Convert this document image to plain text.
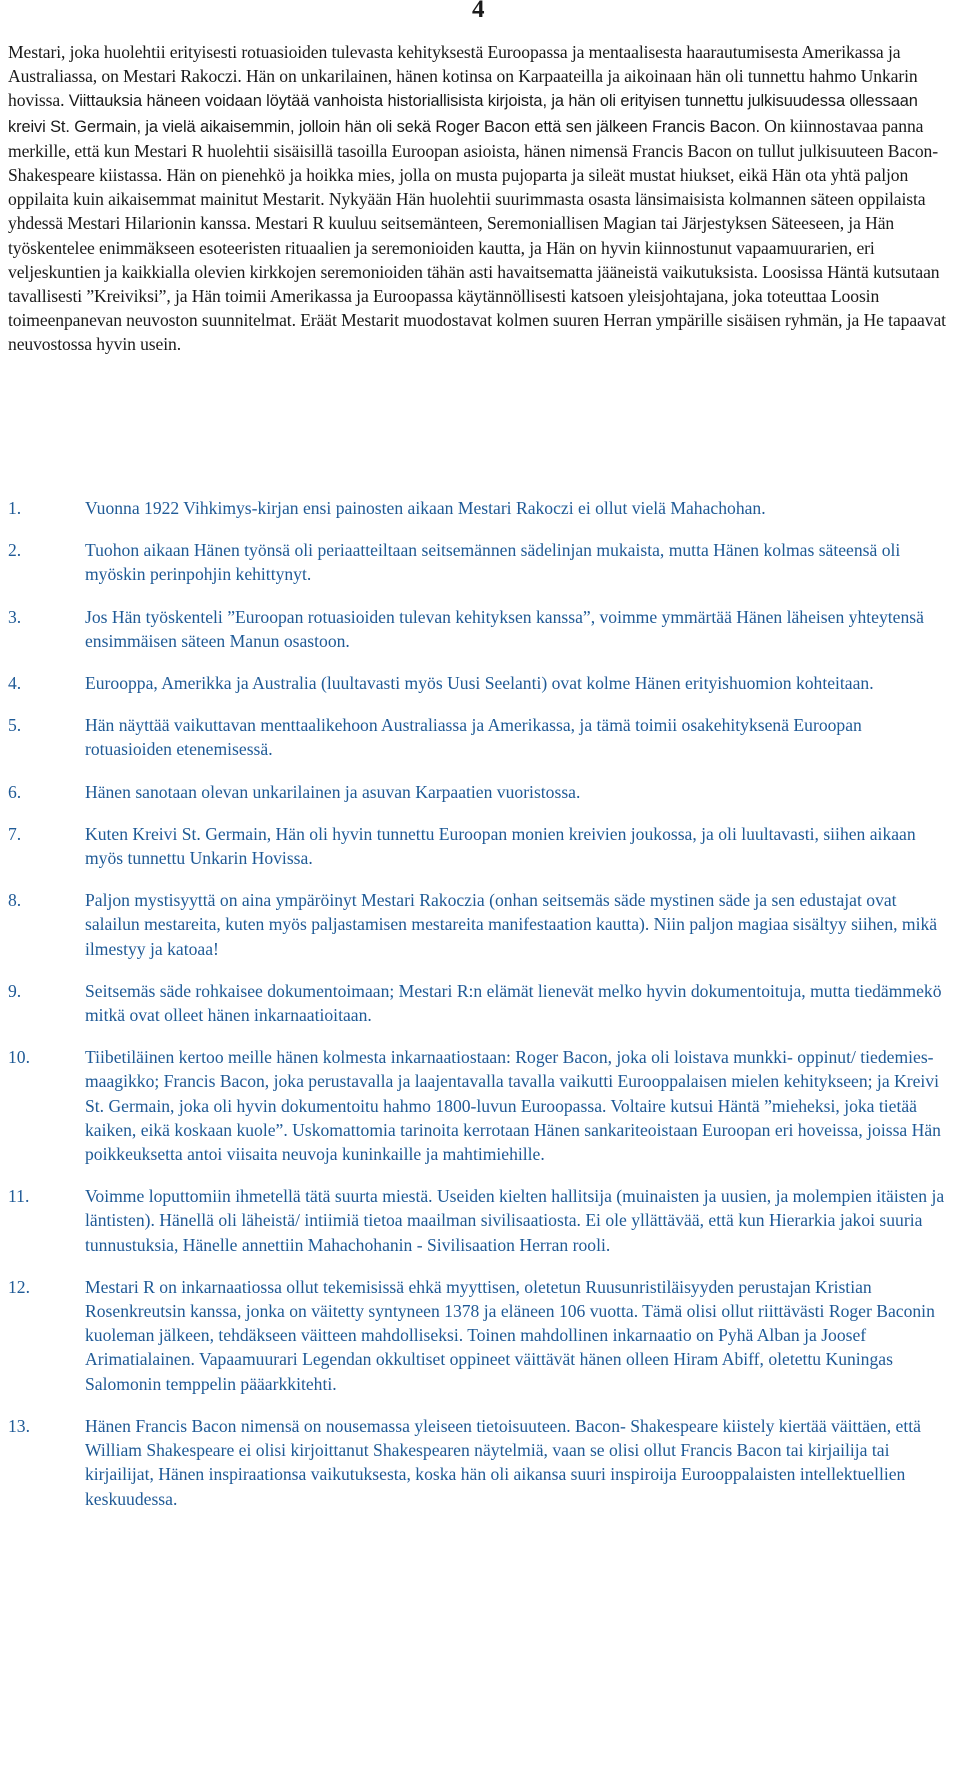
4

Mestari, joka huolehtii erityisesti rotuasioiden tulevasta kehityksestä Euroopassa ja mentaalisesta haarautumisesta Amerikassa ja Australiassa, on Mestari Rakoczi. Hän on unkarilainen, hänen kotinsa on Karpaateilla ja aikoinaan hän oli tunnettu hahmo Unkarin hovissa. Viittauksia häneen voidaan löytää vanhoista historiallisista kirjoista, ja hän oli erityisen tunnettu julkisuudessa ollessaan kreivi St. Germain, ja vielä aikaisemmin, jolloin hän oli sekä Roger Bacon että sen jälkeen Francis Bacon. On kiinnostavaa panna merkille, että kun Mestari R huolehtii sisäisillä tasoilla Euroopan asioista, hänen nimensä Francis Bacon on tullut julkisuuteen Bacon-Shakespeare kiistassa. Hän on pienehkö ja hoikka mies, jolla on musta pujoparta ja sileät mustat hiukset, eikä Hän ota yhtä paljon oppilaita kuin aikaisemmat mainitut Mestarit. Nykyään Hän huolehtii suurimmasta osasta länsimaisista kolmannen säteen oppilaista yhdessä Mestari Hilarionin kanssa. Mestari R kuuluu seitsemänteen, Seremoniallisen Magian tai Järjestyksen Säteeseen, ja Hän työskentelee enimmäkseen esoteeristen rituaalien ja seremonioiden kautta, ja Hän on hyvin kiinnostunut vapaamuurarien, eri veljeskuntien ja kaikkialla olevien kirkkojen seremonioiden tähän asti havaitsematta jääneistä vaikutuksista. Loosissa Häntä kutsutaan tavallisesti ”Kreiviksi”, ja Hän toimii Amerikassa ja Euroopassa käytännöllisesti katsoen yleisjohtajana, joka toteuttaa Loosin toimeenpanevan neuvoston suunnitelmat. Eräät Mestarit muodostavat kolmen suuren Herran ympärille sisäisen ryhmän, ja He tapaavat neuvostossa hyvin usein.

1.	Vuonna 1922 Vihkimys-kirjan ensi painosten aikaan Mestari Rakoczi ei ollut vielä Mahachohan.
2.	Tuohon aikaan Hänen työnsä oli periaatteiltaan seitsemännen sädelinjan mukaista, mutta Hänen kolmas säteensä oli myöskin perinpohjin kehittynyt.
3.	Jos Hän työskenteli ”Euroopan rotuasioiden tulevan kehityksen kanssa”, voimme ymmärtää Hänen läheisen yhteytensä ensimmäisen säteen Manun osastoon.
4.	Eurooppa, Amerikka ja Australia (luultavasti myös Uusi Seelanti) ovat kolme Hänen erityishuomion kohteitaan.
5.	Hän näyttää vaikuttavan menttaalikehoon Australiassa ja Amerikassa, ja tämä toimii osakehityksenä Euroopan rotuasioiden etenemisessä.
6.	Hänen sanotaan olevan unkarilainen ja asuvan Karpaatien vuoristossa.
7.	Kuten Kreivi St. Germain, Hän oli hyvin tunnettu Euroopan monien kreivien joukossa, ja oli luultavasti, siihen aikaan myös tunnettu Unkarin Hovissa.
8.	Paljon mystisyyttä on aina ympäröinyt Mestari Rakoczia (onhan seitsemäs säde mystinen säde ja sen edustajat ovat salailun mestareita, kuten myös paljastamisen mestareita manifestaation kautta). Niin paljon magiaa sisältyy siihen, mikä ilmestyy ja katoaa!
9.	Seitsemäs säde rohkaisee dokumentoimaan; Mestari R:n elämät lienevät melko hyvin dokumentoituja, mutta tiedämmekö mitkä ovat olleet hänen inkarnaatioitaan.
10.	Tiibetiläinen kertoo meille hänen kolmesta inkarnaatiostaan: Roger Bacon, joka oli loistava munkki- oppinut/ tiedemies-maagikko; Francis Bacon, joka perustavalla ja laajentavalla tavalla vaikutti Eurooppalaisen mielen kehitykseen; ja Kreivi St. Germain, joka oli hyvin dokumentoitu hahmo 1800-luvun Euroopassa. Voltaire kutsui Häntä ”mieheksi, joka tietää kaiken, eikä koskaan kuole”. Uskomattomia tarinoita kerrotaan Hänen sankariteoistaan Euroopan eri hoveissa, joissa Hän poikkeuksetta antoi viisaita neuvoja kuninkaille ja mahtimiehille.
11.	Voimme loputtomiin ihmetellä tätä suurta miestä. Useiden kielten hallitsija (muinaisten ja uusien, ja molempien itäisten ja läntisten). Hänellä oli läheistä/ intiimiä tietoa maailman sivilisaatiosta. Ei ole yllättävää, että kun Hierarkia jakoi suuria tunnustuksia, Hänelle annettiin Mahachohanin - Sivilisaation Herran rooli.
12.	Mestari R on inkarnaatiossa ollut tekemisissä ehkä myyttisen, oletetun Ruusunristiläisyyden perustajan Kristian Rosenkreutsin kanssa, jonka on väitetty syntyneen 1378 ja eläneen 106 vuotta. Tämä olisi ollut riittävästi Roger Baconin kuoleman jälkeen, tehdäkseen väitteen mahdolliseksi. Toinen mahdollinen inkarnaatio on Pyhä Alban ja Joosef Arimatialainen. Vapaamuurari Legendan okkultiset oppineet väittävät hänen olleen Hiram Abiff, oletettu Kuningas Salomonin temppelin pääarkkitehti.
13.	Hänen Francis Bacon nimensä on nousemassa yleiseen tietoisuuteen. Bacon- Shakespeare kiistely kiertää väittäen, että William Shakespeare ei olisi kirjoittanut Shakespearen näytelmiä, vaan se olisi ollut Francis Bacon tai kirjailija tai kirjailijat, Hänen inspiraationsa vaikutuksesta, koska hän oli aikansa suuri inspiroija Eurooppalaisten intellektuellien keskuudessa.
